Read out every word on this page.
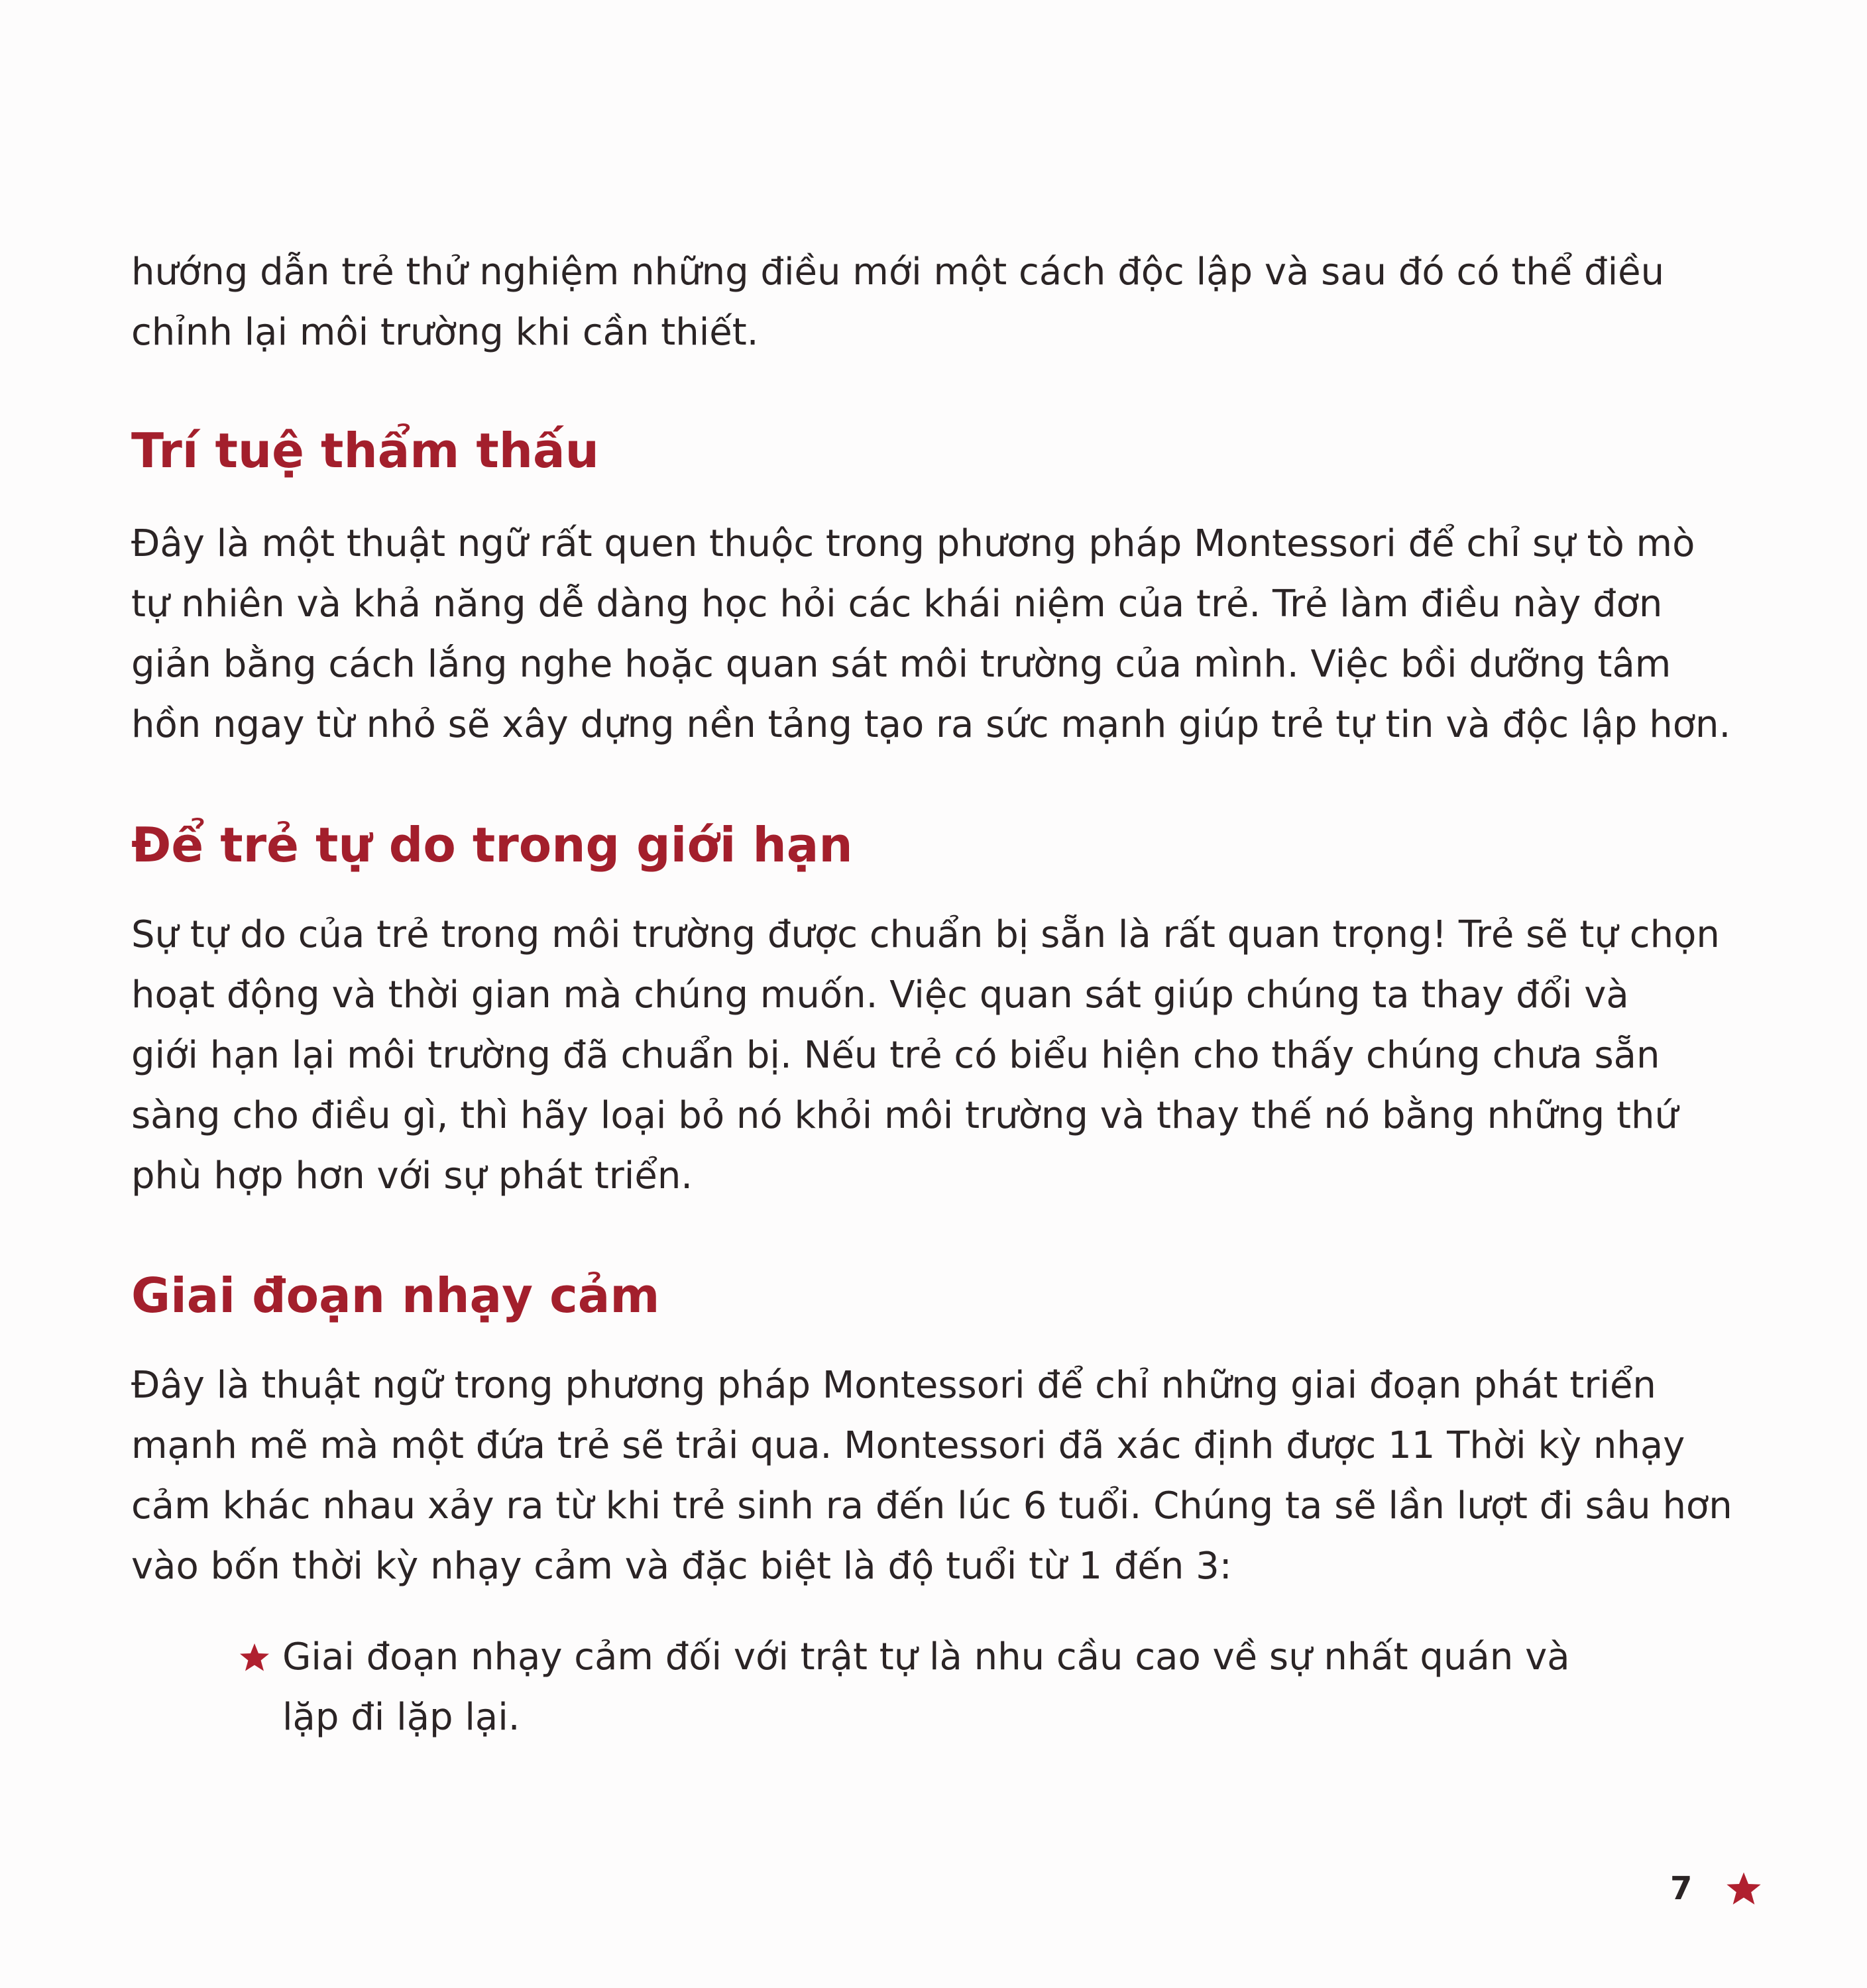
hướng dẫn trẻ thử nghiệm những điều mới một cách độc lập và sau đó có thể điều
chỉnh lại môi trường khi cần thiết.

Trí tuệ thẩm thấu

Đây là một thuật ngữ rất quen thuộc trong phương pháp Montessori để chỉ sự tò mò
tự nhiên và khả năng dễ dàng học hỏi các khái niệm của trẻ. Trẻ làm điều này đơn
giản bằng cách lắng nghe hoặc quan sát môi trường của mình. Việc bồi dưỡng tâm
hồn ngay từ nhỏ sẽ xây dựng nền tảng tạo ra sức mạnh giúp trẻ tự tin và độc lập hơn.

Để trẻ tự do trong giới hạn

Sự tự do của trẻ trong môi trường được chuẩn bị sẵn là rất quan trọng! Trẻ sẽ tự chọn
hoạt động và thời gian mà chúng muốn. Việc quan sát giúp chúng ta thay đổi và
giới hạn lại môi trường đã chuẩn bị. Nếu trẻ có biểu hiện cho thấy chúng chưa sẵn
sàng cho điều gì, thì hãy loại bỏ nó khỏi môi trường và thay thế nó bằng những thứ
phù hợp hơn với sự phát triển.

Giai đoạn nhạy cảm

Đây là thuật ngữ trong phương pháp Montessori để chỉ những giai đoạn phát triển
mạnh mẽ mà một đứa trẻ sẽ trải qua. Montessori đã xác định được 11 Thời kỳ nhạy
cảm khác nhau xảy ra từ khi trẻ sinh ra đến lúc 6 tuổi. Chúng ta sẽ lần lượt đi sâu hơn
vào bốn thời kỳ nhạy cảm và đặc biệt là độ tuổi từ 1 đến 3:

Giai đoạn nhạy cảm đối với trật tự là nhu cầu cao về sự nhất quán và
lặp đi lặp lại.
7
